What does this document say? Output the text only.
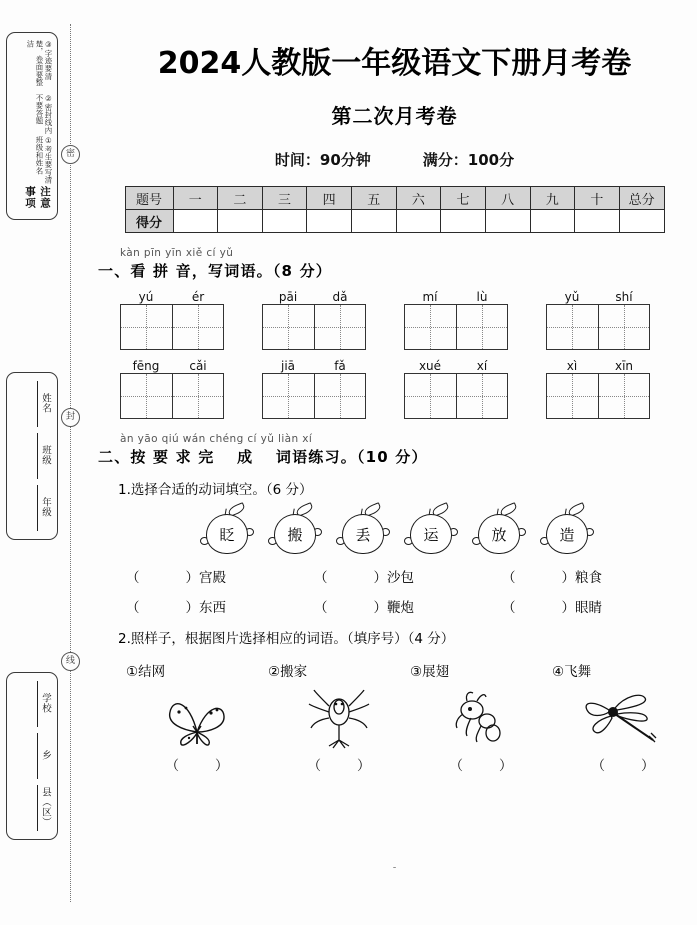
密
封
线
注意事项
①考生要写清班级和姓名
②密封线内不要答题
③字迹要清楚，卷面要整洁
年级
班级
姓名
县（区）
乡
学校
2024人教版一年级语文下册月考卷
第二次月考卷
时间：90分钟	满分：100分
题号	一	二	三	四	五	六	七	八	九	十	总分
得分											
kàn pīn yīn xiě cí yǔ
一、看 拼 音，写词语。（8 分）
yú	ér	pāi	dǎ	mí	lù	yǔ	shí
fēng	cǎi	jiā	fǎ	xué	xí	xì	xīn
àn yāo qiú wán chéng cí yǔ liàn xí
二、按 要 求 完 　成 　词语练习。（10 分）
1.选择合适的动词填空。（6 分）
眨	搬	丢	运	放	造
（	）宫殿	（	）沙包	（	）粮食
（	）东西	（	）鞭炮	（	）眼睛
2.照样子，根据图片选择相应的词语。（填序号）（4 分）
①结网	②搬家	③展翅	④飞舞
（	）	（	）	（	）	（	）
-
